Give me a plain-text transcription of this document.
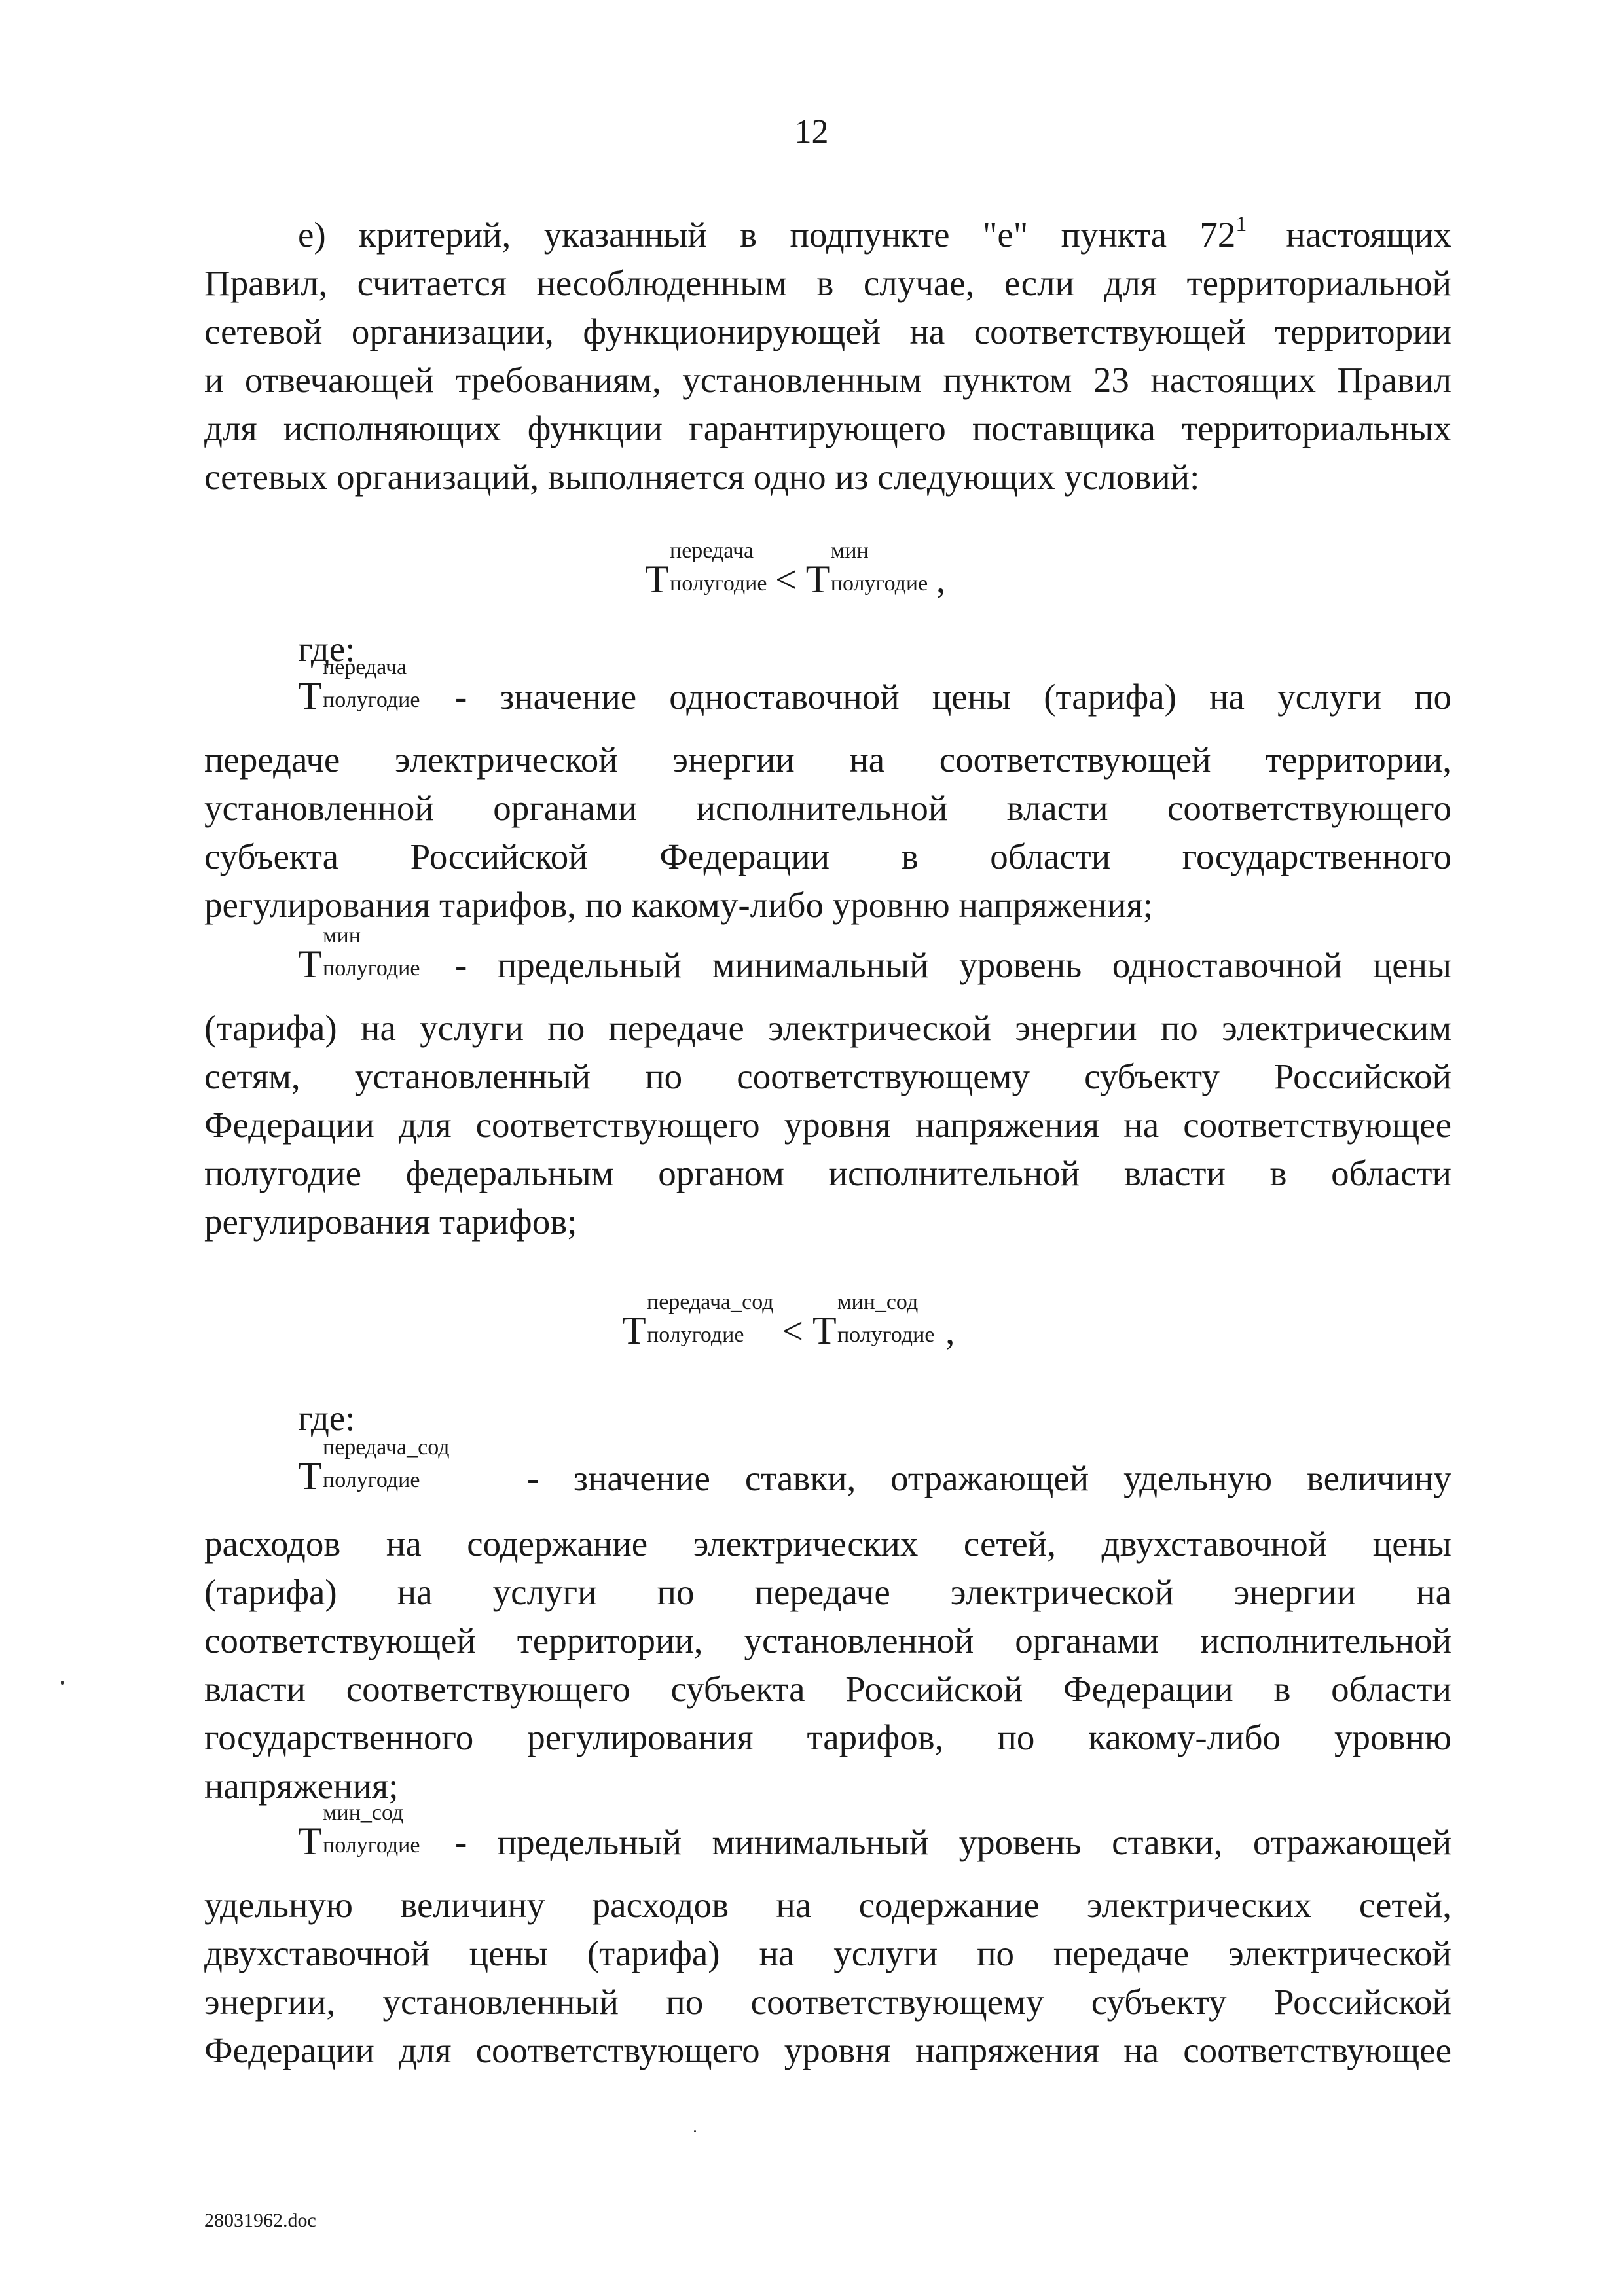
12
е) критерий, указанный в подпункте "е" пункта 72$^1$ настоящих
Правил, считается несоблюденным в случае, если для территориальной
сетевой организации, функционирующей на соответствующей территории
и отвечающей требованиям, установленным пунктом 23 настоящих Правил
для исполняющих функции гарантирующего поставщика территориальных
сетевых организаций, выполняется одно из следующих условий:
Т
передача
полугодие < Т
мин
полугодие ,
где:
Т
передача
полугодие - значение одноставочной цены (тарифа) на услуги по
передаче электрической энергии на соответствующей территории,
установленной органами исполнительной власти соответствующего
субъекта Российской Федерации в области государственного
регулирования тарифов, по какому-либо уровню напряжения;
Т
мин
полугодие - предельный минимальный уровень одноставочной цены
(тарифа) на услуги по передаче электрической энергии по электрическим
сетям, установленный по соответствующему субъекту Российской
Федерации для соответствующего уровня напряжения на соответствующее
полугодие федеральным органом исполнительной власти в области
регулирования тарифов;
Т
передача_сод
полугодие < Т
мин_сод
полугодие ,
где:
Т
передача_сод
полугодие	- значение ставки, отражающей удельную величину
расходов на содержание электрических сетей, двухставочной цены
(тарифа) на услуги по передаче электрической энергии на
соответствующей территории, установленной органами исполнительной
власти соответствующего субъекта Российской Федерации в области
государственного регулирования тарифов, по какому-либо уровню
напряжения;
Т
мин_сод
полугодие - предельный минимальный уровень ставки, отражающей
удельную величину расходов на содержание электрических сетей,
двухставочной цены (тарифа) на услуги по передаче электрической
энергии, установленный по соответствующему субъекту Российской
Федерации для соответствующего уровня напряжения на соответствующее
28031962.doc
